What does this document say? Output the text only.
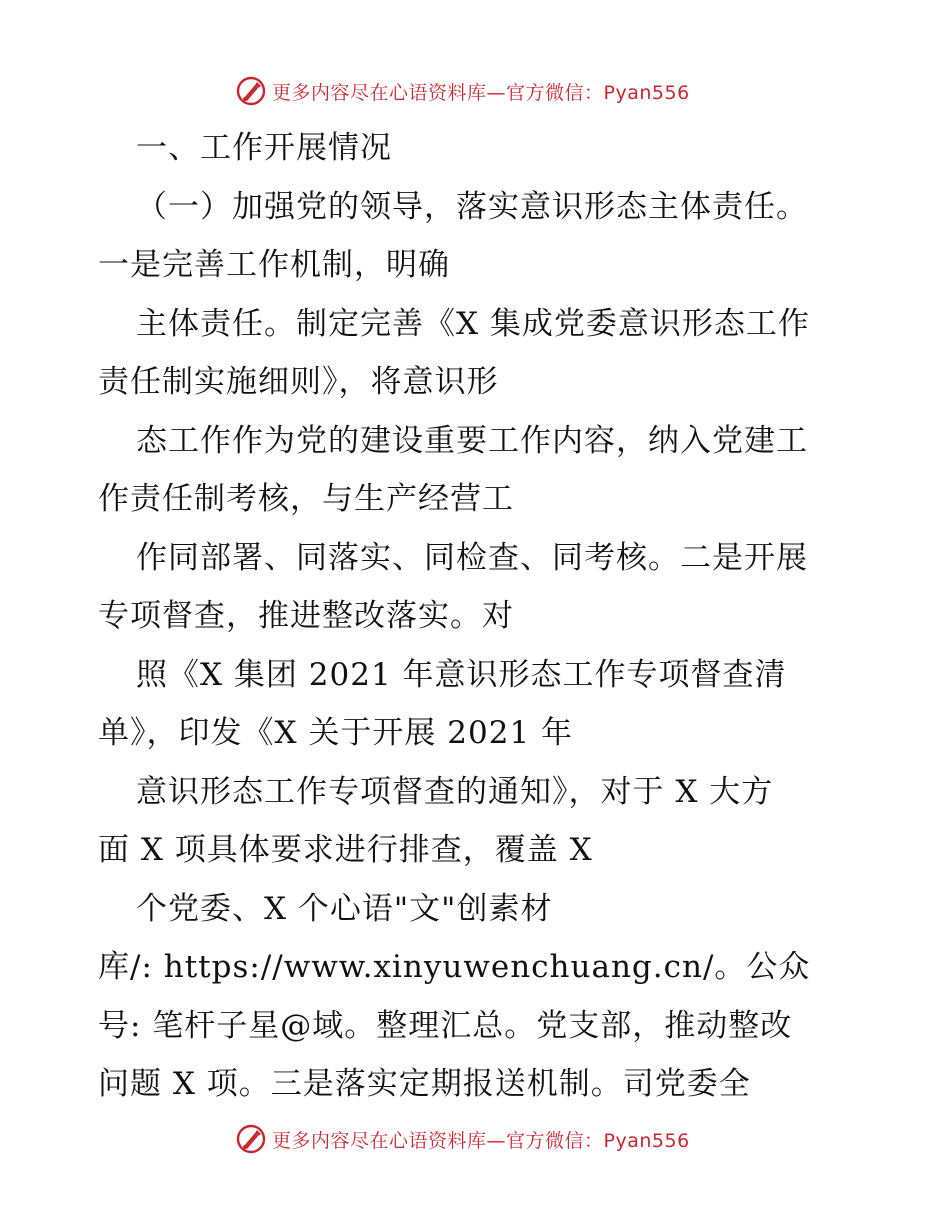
更多内容尽在心语资料库—官方微信：Pyan556
一、工作开展情况
（一）加强党的领导，落实意识形态主体责任。
一是完善工作机制，明确
主体责任。制定完善《X 集成党委意识形态工作
责任制实施细则》，将意识形
态工作作为党的建设重要工作内容，纳入党建工
作责任制考核，与生产经营工
作同部署、同落实、同检查、同考核。二是开展
专项督查，推进整改落实。对
照《X 集团 2021 年意识形态工作专项督查清
单》，印发《X 关于开展 2021 年
意识形态工作专项督查的通知》，对于 X 大方
面 X 项具体要求进行排查，覆盖 X
个党委、X 个心语"文"创素材
库/: https://www.xinyuwenchuang.cn/。公众
号: 笔杆子星@域。整理汇总。党支部，推动整改
问题 X 项。三是落实定期报送机制。司党委全
更多内容尽在心语资料库—官方微信：Pyan556
